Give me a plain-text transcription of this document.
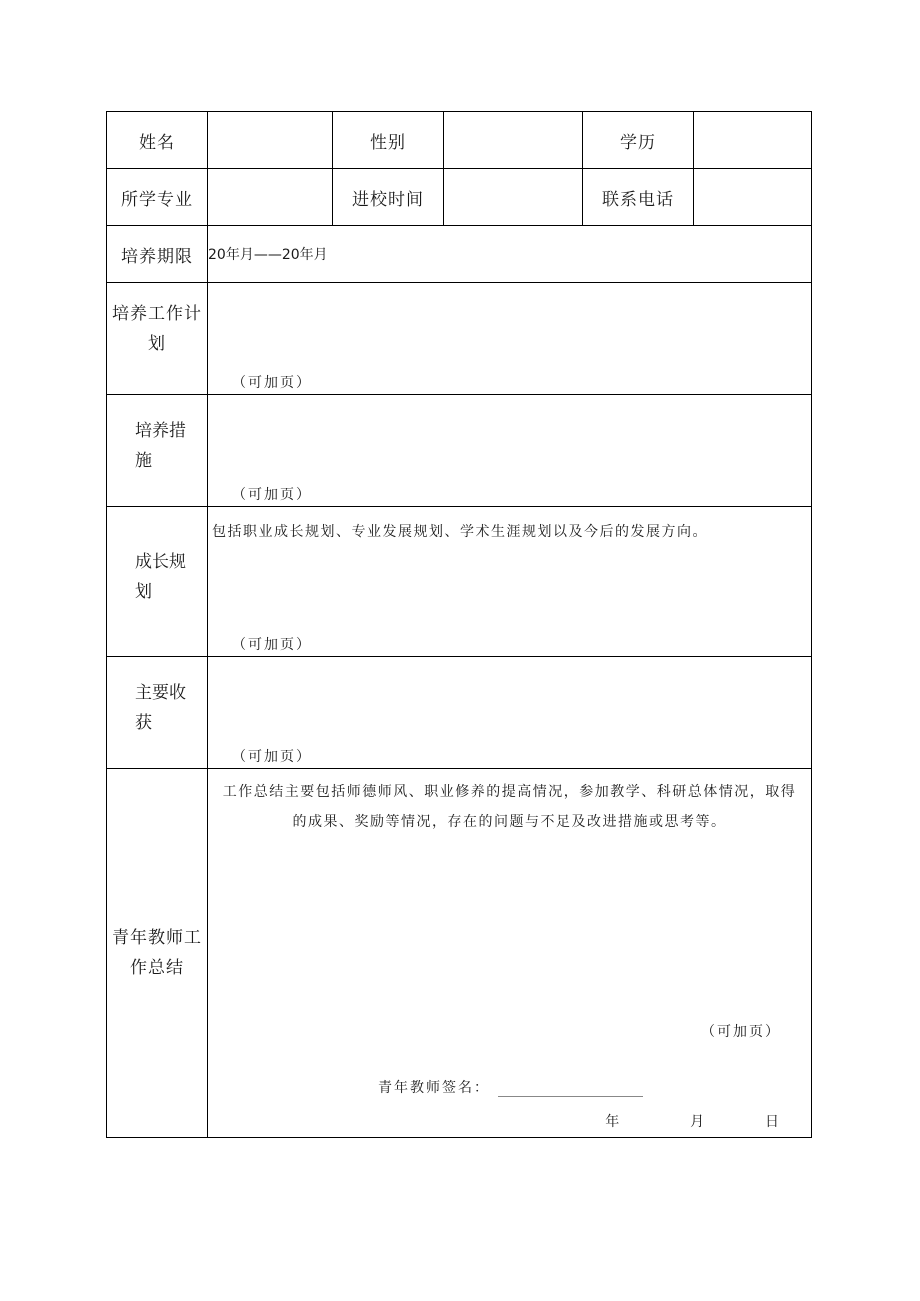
姓名		性别		学历	
所学专业		进校时间		联系电话	
培养期限	20年月——20年月				
培养工作计划	（可加页）				

培养措施	（可加页）				

成长规划	包括职业成长规划、专业发展规划、学术生涯规划以及今后的发展方向。
（可加页）				

主要收获	（可加页）				

青年教师工作总结	工作总结主要包括师德师风、职业修养的提高情况，参加教学、科研总体情况，取得的成果、奖励等情况，存在的问题与不足及改进措施或思考等。
（可加页）
青年教师签名：
年 月 日				
